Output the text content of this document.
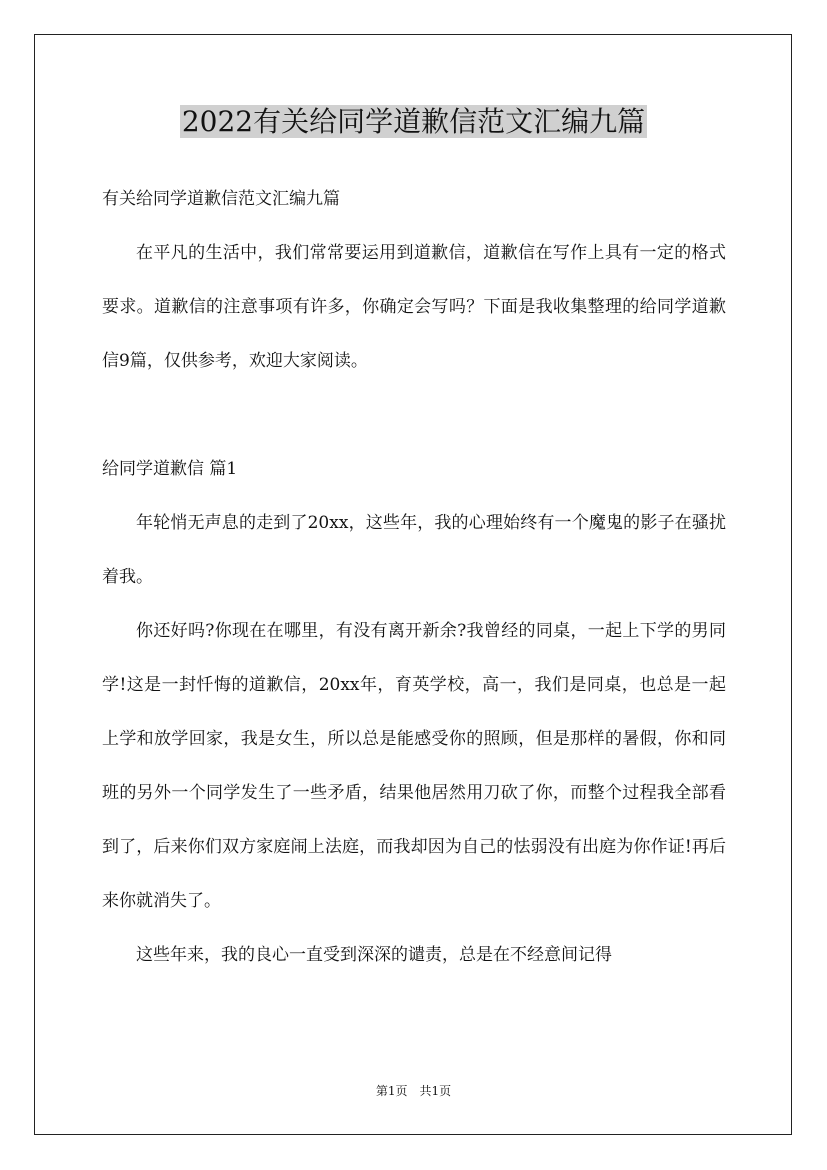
2022有关给同学道歉信范文汇编九篇

有关给同学道歉信范文汇编九篇

在平凡的生活中，我们常常要运用到道歉信，道歉信在写作上具有一定的格式要求。道歉信的注意事项有许多，你确定会写吗？下面是我收集整理的给同学道歉信9篇，仅供参考，欢迎大家阅读。

给同学道歉信 篇1

年轮悄无声息的走到了20xx，这些年，我的心理始终有一个魔鬼的影子在骚扰着我。

你还好吗?你现在在哪里，有没有离开新余?我曾经的同桌，一起上下学的男同学!这是一封忏悔的道歉信，20xx年，育英学校，高一，我们是同桌，也总是一起上学和放学回家，我是女生，所以总是能感受你的照顾，但是那样的暑假，你和同班的另外一个同学发生了一些矛盾，结果他居然用刀砍了你，而整个过程我全部看到了，后来你们双方家庭闹上法庭，而我却因为自己的怯弱没有出庭为你作证!再后来你就消失了。

这些年来，我的良心一直受到深深的谴责，总是在不经意间记得

第1页　共1页
